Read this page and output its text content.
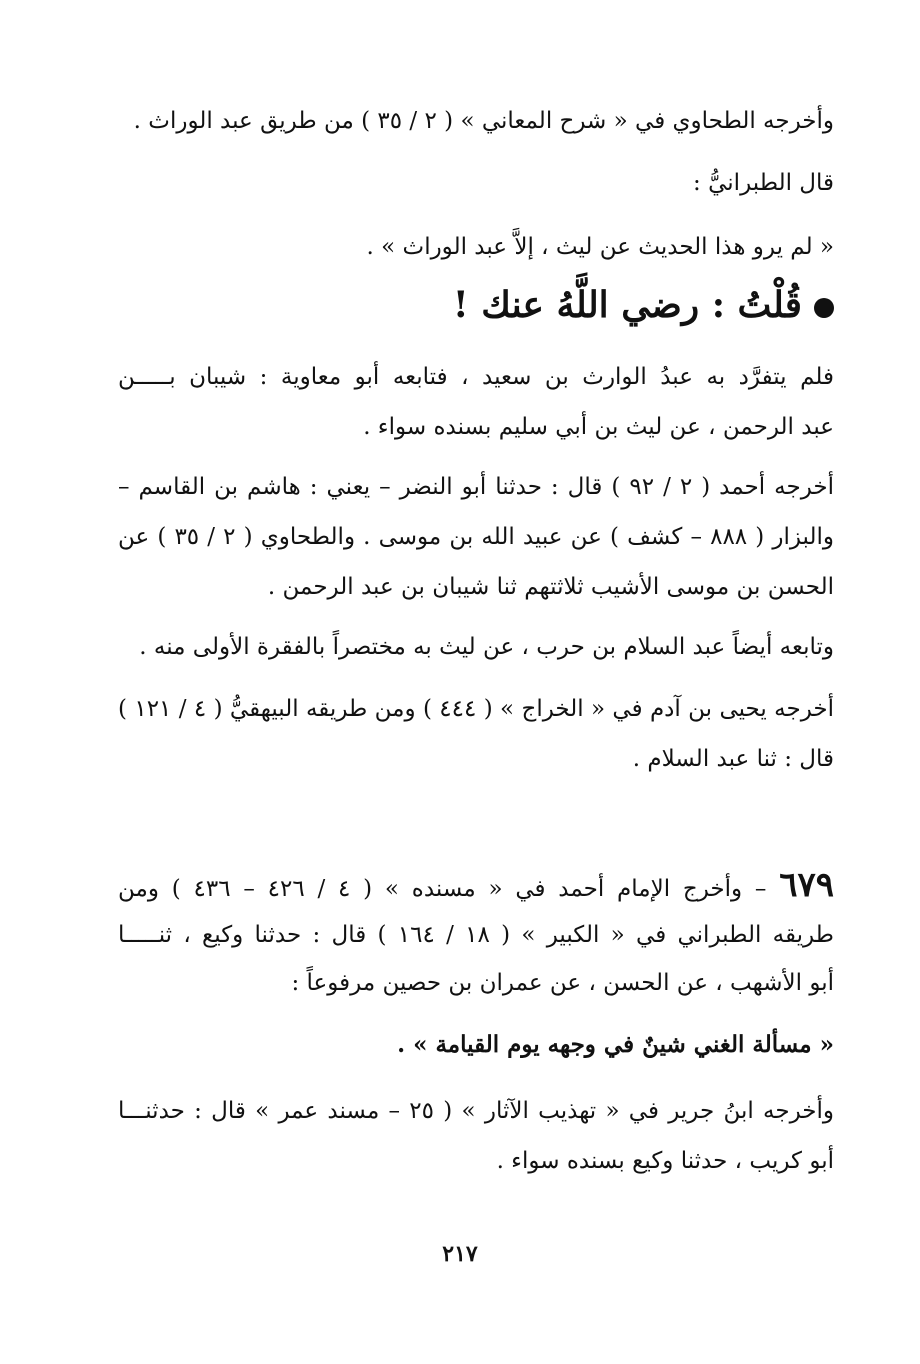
وأخرجه الطحاوي في « شرح المعاني » ( ٢ / ٣٥ ) من طريق عبد الوراث .
قال الطبرانيُّ :
« لم يرو هذا الحديث عن ليث ، إلاَّ عبد الوراث » .
قُلْتُ : رضي اللَّهُ عنك !
فلم يتفرَّد به عبدُ الوارث بن سعيد ، فتابعه أبو معاوية : شيبان بـــــن
عبد الرحمن ، عن ليث بن أبي سليم بسنده سواء .
أخرجه أحمد ( ٢ / ٩٢ ) قال : حدثنا أبو النضر – يعني : هاشم بن القاسم –
والبزار ( ٨٨٨ – كشف ) عن عبيد الله بن موسى . والطحاوي ( ٢ / ٣٥ ) عن
الحسن بن موسى الأشيب ثلاثتهم ثنا شيبان بن عبد الرحمن .
وتابعه أيضاً عبد السلام بن حرب ، عن ليث به مختصراً بالفقرة الأولى منه .
أخرجه يحيى بن آدم في « الخراج » ( ٤٤٤ ) ومن طريقه البيهقيُّ ( ٤ / ١٢١ )
قال : ثنا عبد السلام .
٦٧٩ – وأخرج الإمام أحمد في « مسنده » ( ٤ / ٤٢٦ – ٤٣٦ ) ومن
طريقه الطبراني في « الكبير » ( ١٨ / ١٦٤ ) قال : حدثنا وكيع ، ثنـــــا
أبو الأشهب ، عن الحسن ، عن عمران بن حصين مرفوعاً :
« مسألة الغني شينٌ في وجهه يوم القيامة » .
وأخرجه ابنُ جرير في « تهذيب الآثار » ( ٢٥ – مسند عمر » قال : حدثنـــا
أبو كريب ، حدثنا وكيع بسنده سواء .
٢١٧
